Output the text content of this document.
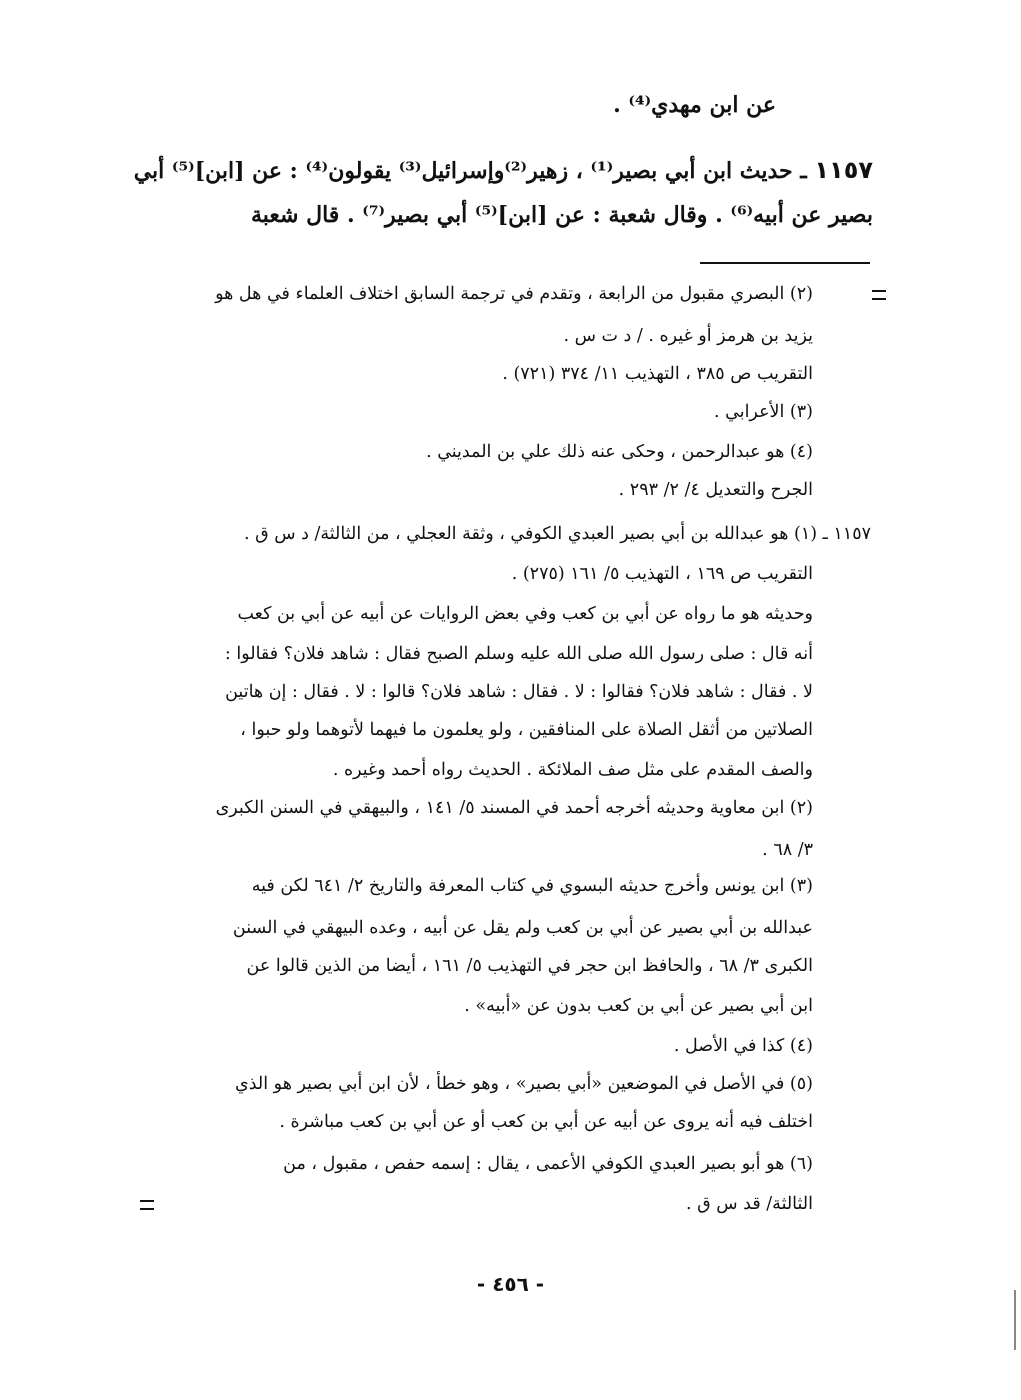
عن ابن مهدي⁽⁴⁾ .
١١٥٧ ـ حديث ابن أبي بصير⁽¹⁾ ، زهير⁽²⁾وإسرائيل⁽³⁾ يقولون⁽⁴⁾ : عن [ابن]⁽⁵⁾ أبي
بصير عن أبيه⁽⁶⁾ . وقال شعبة : عن [ابن]⁽⁵⁾ أبي بصير⁽⁷⁾ . قال شعبة
(٢) البصري مقبول من الرابعة ، وتقدم في ترجمة السابق اختلاف العلماء في هل هو
يزيد بن هرمز أو غيره . / د ت س .
التقريب ص ٣٨٥ ، التهذيب ١١/ ٣٧٤ (٧٢١) .
(٣) الأعرابي .
(٤) هو عبدالرحمن ، وحكى عنه ذلك علي بن المديني .
الجرح والتعديل ٤/ ٢/ ٢٩٣ .
١١٥٧ ـ (١) هو عبدالله بن أبي بصير العبدي الكوفي ، وثقة العجلي ، من الثالثة/ د س ق .
التقريب ص ١٦٩ ، التهذيب ٥/ ١٦١ (٢٧٥) .
وحديثه هو ما رواه عن أبي بن كعب وفي بعض الروايات عن أبيه عن أبي بن كعب
أنه قال : صلى رسول الله صلى الله عليه وسلم الصبح فقال : شاهد فلان؟ فقالوا :
لا . فقال : شاهد فلان؟ فقالوا : لا . فقال : شاهد فلان؟ قالوا : لا . فقال : إن هاتين
الصلاتين من أثقل الصلاة على المنافقين ، ولو يعلمون ما فيهما لأتوهما ولو حبوا ،
والصف المقدم على مثل صف الملائكة . الحديث رواه أحمد وغيره .
(٢) ابن معاوية وحديثه أخرجه أحمد في المسند ٥/ ١٤١ ، والبيهقي في السنن الكبرى
٣/ ٦٨ .
(٣) ابن يونس وأخرج حديثه البسوي في كتاب المعرفة والتاريخ ٢/ ٦٤١ لكن فيه
عبدالله بن أبي بصير عن أبي بن كعب ولم يقل عن أبيه ، وعده البيهقي في السنن
الكبرى ٣/ ٦٨ ، والحافظ ابن حجر في التهذيب ٥/ ١٦١ ، أيضا من الذين قالوا عن
ابن أبي بصير عن أبي بن كعب بدون عن «أبيه» .
(٤) كذا في الأصل .
(٥) في الأصل في الموضعين «أبي بصير» ، وهو خطأ ، لأن ابن أبي بصير هو الذي
اختلف فيه أنه يروى عن أبيه عن أبي بن كعب أو عن أبي بن كعب مباشرة .
(٦) هو أبو بصير العبدي الكوفي الأعمى ، يقال : إسمه حفص ، مقبول ، من
الثالثة/ قد س ق .
- ٤٥٦ -
